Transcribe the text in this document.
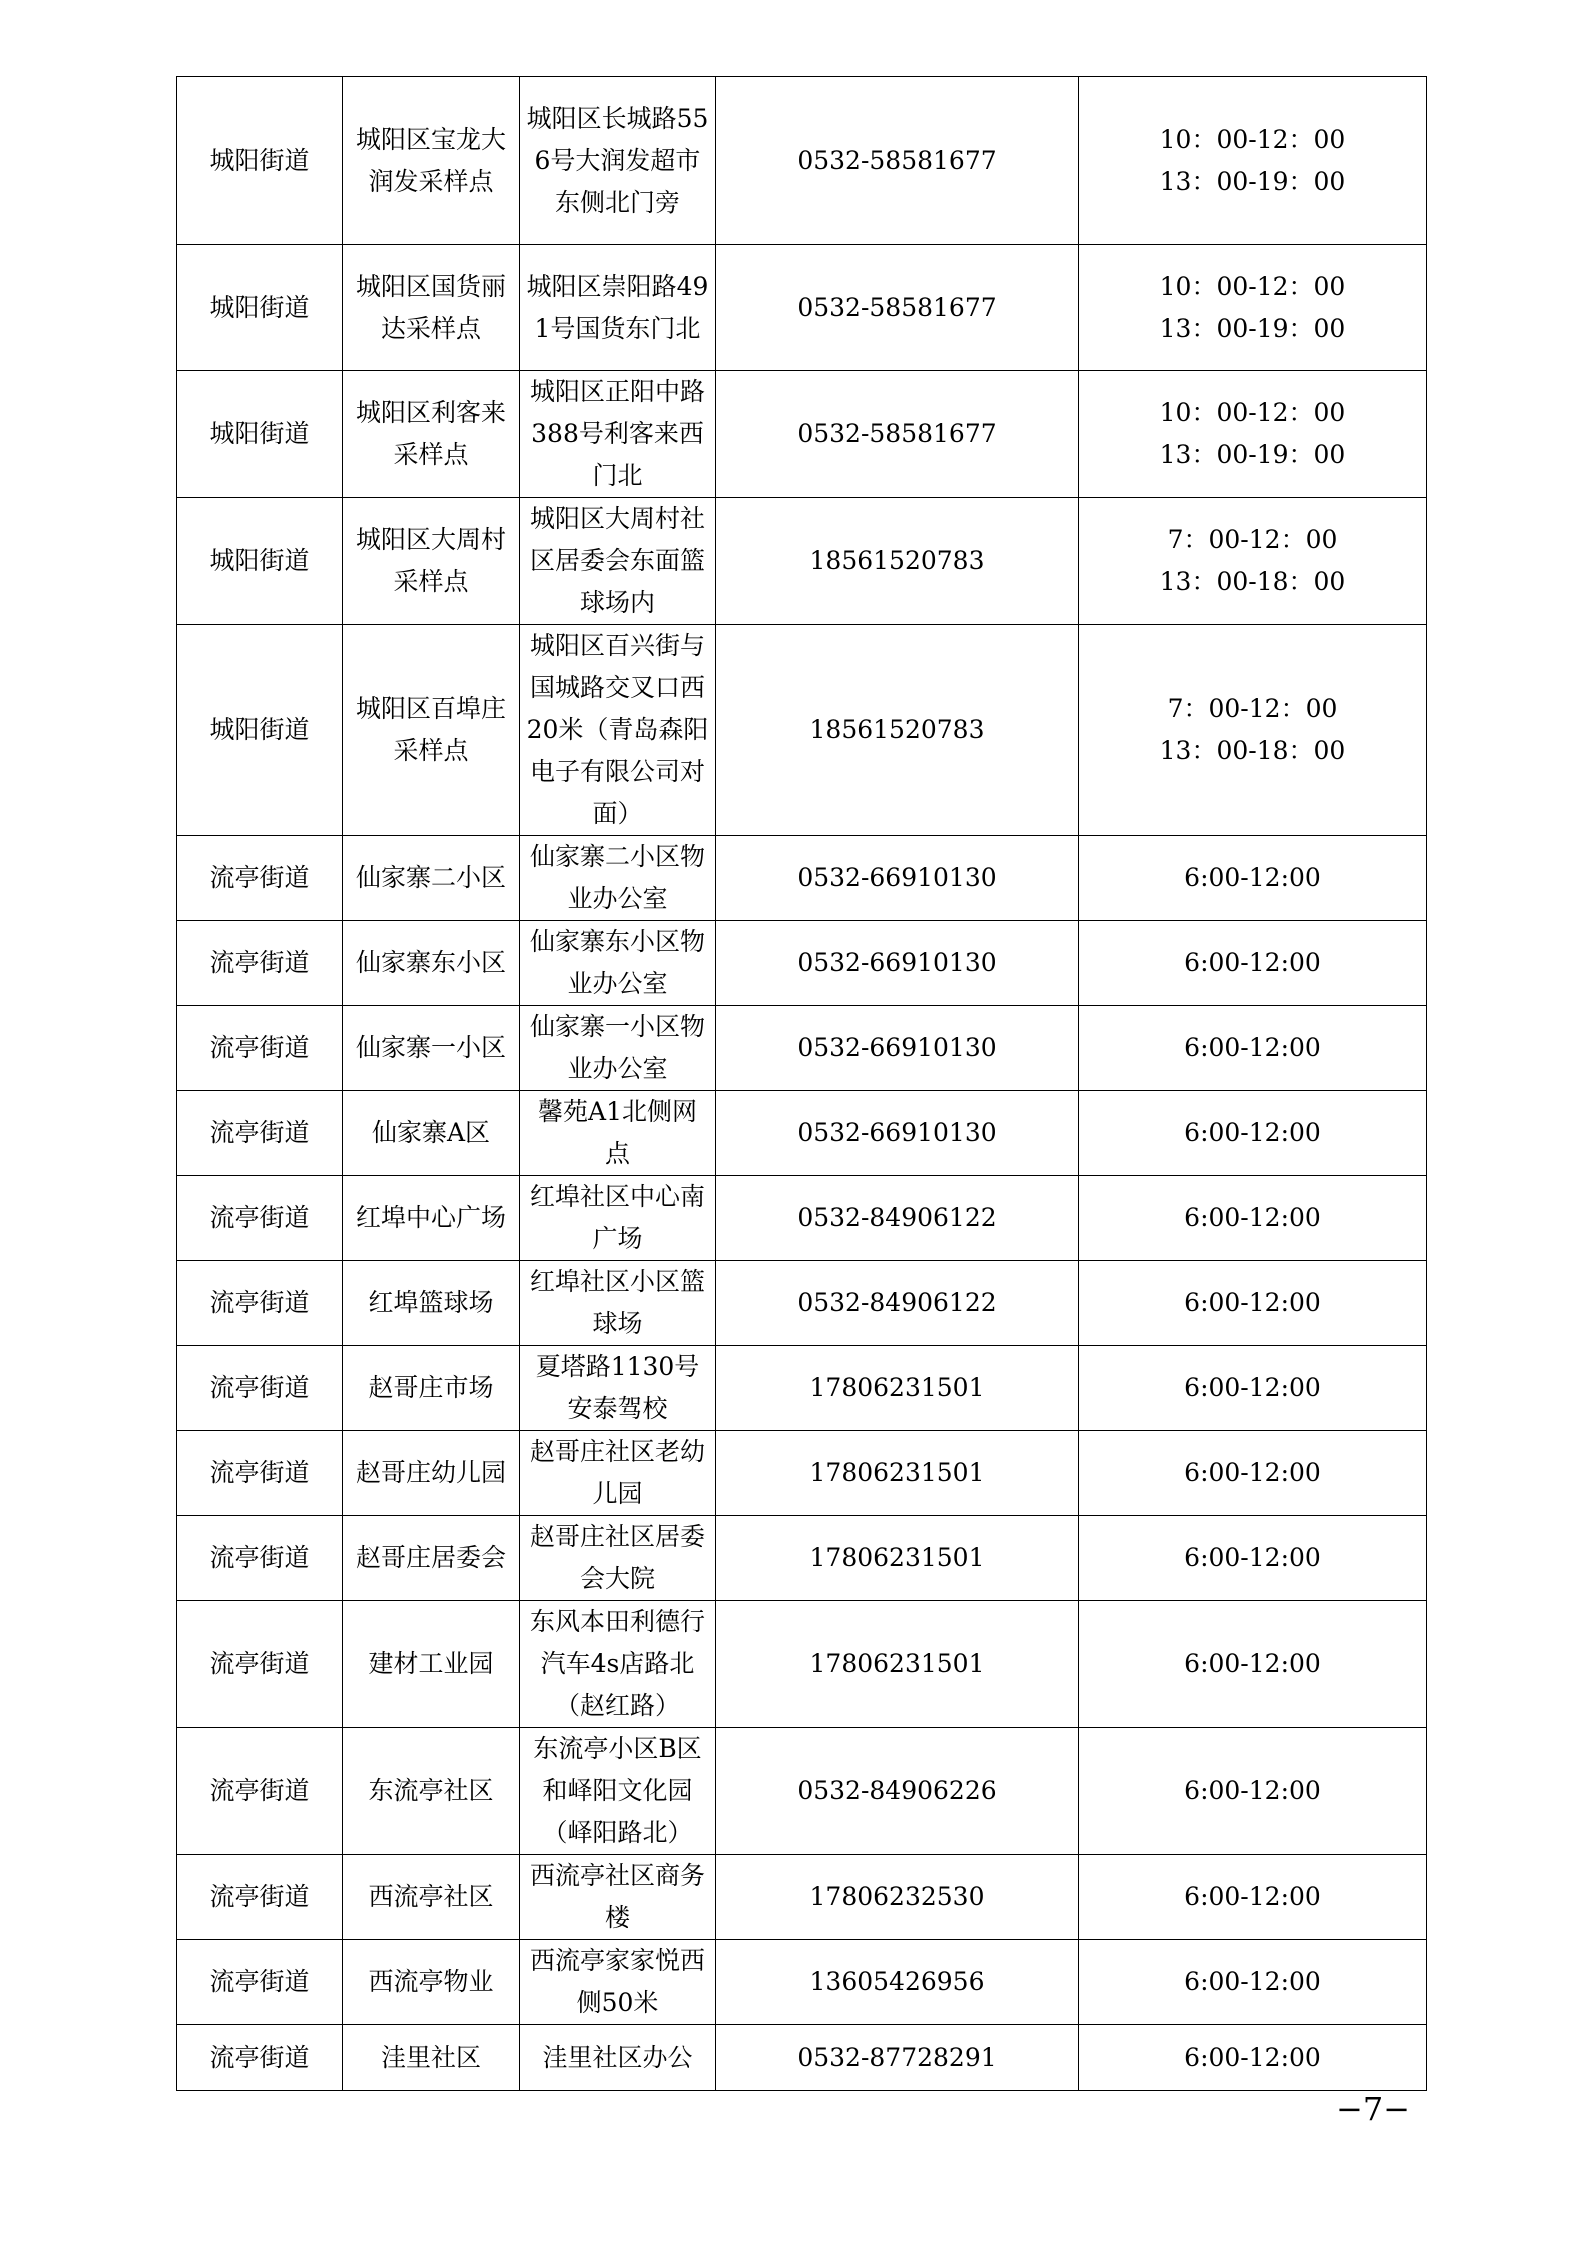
城阳街道	城阳区宝龙大润发采样点	城阳区长城路556号大润发超市东侧北门旁	0532-58581677	10：00-12：00
13：00-19：00

城阳街道	城阳区国货丽达采样点	城阳区崇阳路491号国货东门北	0532-58581677	10：00-12：00
13：00-19：00

城阳街道	城阳区利客来采样点	城阳区正阳中路388号利客来西门北	0532-58581677	10：00-12：00
13：00-19：00

城阳街道	城阳区大周村采样点	城阳区大周村社区居委会东面篮球场内	18561520783	7：00-12：00
13：00-18：00

城阳街道	城阳区百埠庄采样点	城阳区百兴街与国城路交叉口西20米（青岛森阳电子有限公司对面）	18561520783	7：00-12：00
13：00-18：00

流亭街道	仙家寨二小区	仙家寨二小区物业办公室	0532-66910130	6:00-12:00

流亭街道	仙家寨东小区	仙家寨东小区物业办公室	0532-66910130	6:00-12:00

流亭街道	仙家寨一小区	仙家寨一小区物业办公室	0532-66910130	6:00-12:00

流亭街道	仙家寨A区	馨苑A1北侧网点	0532-66910130	6:00-12:00

流亭街道	红埠中心广场	红埠社区中心南广场	0532-84906122	6:00-12:00

流亭街道	红埠篮球场	红埠社区小区篮球场	0532-84906122	6:00-12:00

流亭街道	赵哥庄市场	夏塔路1130号安泰驾校	17806231501	6:00-12:00

流亭街道	赵哥庄幼儿园	赵哥庄社区老幼儿园	17806231501	6:00-12:00

流亭街道	赵哥庄居委会	赵哥庄社区居委会大院	17806231501	6:00-12:00

流亭街道	建材工业园	东风本田利德行汽车4s店路北（赵红路）	17806231501	6:00-12:00

流亭街道	东流亭社区	东流亭小区B区和峄阳文化园（峄阳路北）	0532-84906226	6:00-12:00

流亭街道	西流亭社区	西流亭社区商务楼	17806232530	6:00-12:00

流亭街道	西流亭物业	西流亭家家悦西侧50米	13605426956	6:00-12:00

流亭街道	洼里社区	洼里社区办公	0532-87728291	6:00-12:00
−7−
